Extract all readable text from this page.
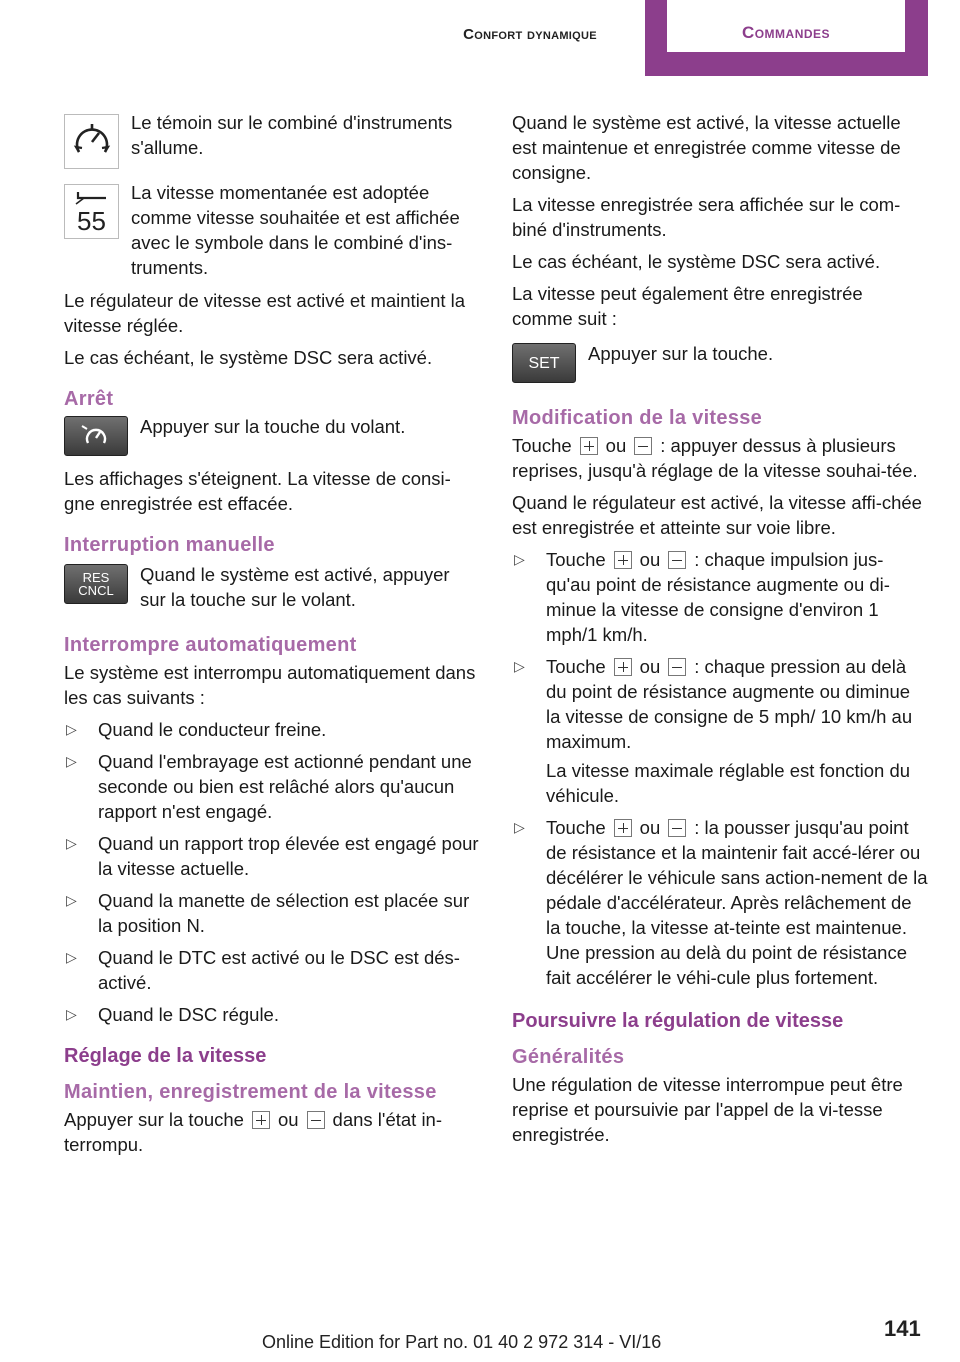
Confort dynamique	Commandes
Le témoin sur le combiné d'instruments s'allume.
55
La vitesse momentanée est adoptée comme vitesse souhaitée et est affichée avec le symbole dans le combiné d'ins-truments.

Le régulateur de vitesse est activé et maintient la vitesse réglée.

Le cas échéant, le système DSC sera activé.

Arrêt
Appuyer sur la touche du volant.

Les affichages s'éteignent. La vitesse de consi-gne enregistrée est effacée.

Interruption manuelle
RES
CNCL
Quand le système est activé, appuyer sur la touche sur le volant.
Interrompre automatiquement

Le système est interrompu automatiquement dans les cas suivants :

▷ Quand le conducteur freine.
▷ Quand l'embrayage est actionné pendant une seconde ou bien est relâché alors qu'aucun rapport n'est engagé.
▷ Quand un rapport trop élevée est engagé pour la vitesse actuelle.
▷ Quand la manette de sélection est placée sur la position N.
▷ Quand le DTC est activé ou le DSC est dés-activé.
▷ Quand le DSC régule.
Réglage de la vitesse
Maintien, enregistrement de la vitesse

Appuyer sur la touche ou dans l'état in-terrompu.

Quand le système est activé, la vitesse actuelle est maintenue et enregistrée comme vitesse de consigne.

La vitesse enregistrée sera affichée sur le com-biné d'instruments.

Le cas échéant, le système DSC sera activé.

La vitesse peut également être enregistrée comme suit :

SET	Appuyer sur la touche.
Modification de la vitesse

Touche ou : appuyer dessus à plusieurs reprises, jusqu'à réglage de la vitesse souhai-tée.

Quand le régulateur est activé, la vitesse affi-chée est enregistrée et atteinte sur voie libre.

▷ Touche ou : chaque impulsion jus-qu'au point de résistance augmente ou di-minue la vitesse de consigne d'environ 1 mph/1 km/h.

▷ Touche ou : chaque pression au delà du point de résistance augmente ou diminue la vitesse de consigne de 5 mph/ 10 km/h au maximum.

La vitesse maximale réglable est fonction du véhicule.

▷ Touche ou : la pousser jusqu'au point de résistance et la maintenir fait accé-lérer ou décélérer le véhicule sans action-nement de la pédale d'accélérateur. Après relâchement de la touche, la vitesse at-teinte est maintenue. Une pression au delà du point de résistance fait accélérer le véhi-cule plus fortement.

Poursuivre la régulation de vitesse
Généralités

Une régulation de vitesse interrompue peut être reprise et poursuivie par l'appel de la vi-tesse enregistrée.

Online Edition for Part no. 01 40 2 972 314 - VI/16
141
